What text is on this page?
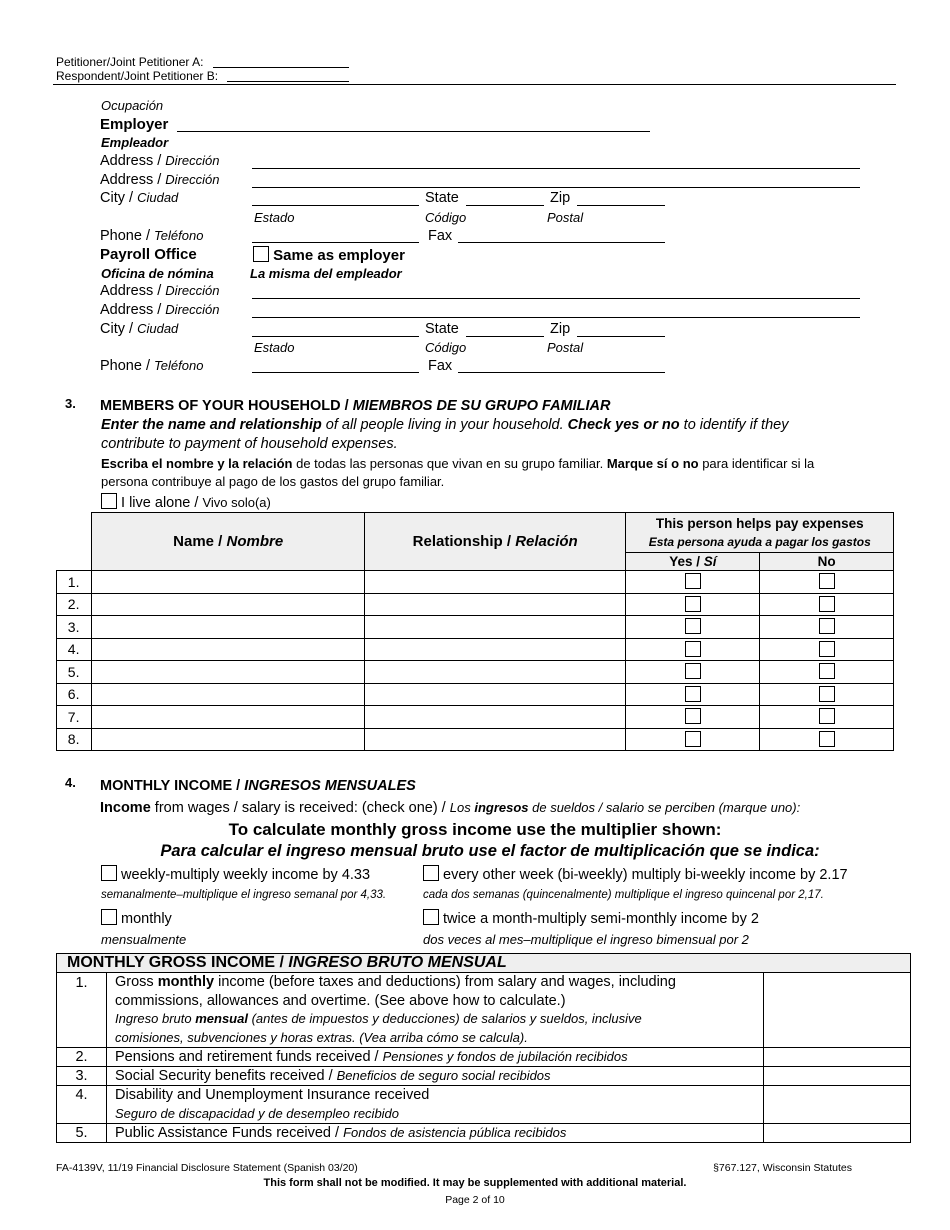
Petitioner/Joint Petitioner A:
Respondent/Joint Petitioner B:
Ocupación
Employer
Empleador
Address / Dirección
Address / Dirección
City / Ciudad	State	Zip
Estado	Código	Postal
Phone / Teléfono	Fax
Payroll Office	Same as employer
Oficina de nómina	La misma del empleador
Address / Dirección
Address / Dirección
City / Ciudad	State	Zip
Estado	Código	Postal
Phone / Teléfono	Fax
3. MEMBERS OF YOUR HOUSEHOLD / MIEMBROS DE SU GRUPO FAMILIAR
Enter the name and relationship of all people living in your household. Check yes or no to identify if they
contribute to payment of household expenses.
Escriba el nombre y la relación de todas las personas que vivan en su grupo familiar. Marque sí o no para identificar si la
persona contribuye al pago de los gastos del grupo familiar.
I live alone / Vivo solo(a)
	Name / Nombre	Relationship / Relación	This person helps pay expenses	
			Esta persona ayuda a pagar los gastos	
			Yes / Sí	No
1.				
2.				
3.				
4.				
5.				
6.				
7.				
8.				
4. MONTHLY INCOME / INGRESOS MENSUALES
Income from wages / salary is received: (check one) / Los ingresos de sueldos / salario se perciben (marque uno):
To calculate monthly gross income use the multiplier shown:
Para calcular el ingreso mensual bruto use el factor de multiplicación que se indica:
weekly-multiply weekly income by 4.33
semanalmente–multiplique el ingreso semanal por 4,33.
every other week (bi-weekly) multiply bi-weekly income by 2.17
cada dos semanas (quincenalmente) multiplique el ingreso quincenal por 2,17.
monthly
mensualmente
twice a month-multiply semi-monthly income by 2
dos veces al mes–multiplique el ingreso bimensual por 2
MONTHLY GROSS INCOME / INGRESO BRUTO MENSUAL		
1.	Gross monthly income (before taxes and deductions) from salary and wages, including
commissions, allowances and overtime. (See above how to calculate.)
Ingreso bruto mensual (antes de impuestos y deducciones) de salarios y sueldos, inclusive
comisiones, subvenciones y horas extras. (Vea arriba cómo se calcula).	

2.	Pensions and retirement funds received / Pensiones y fondos de jubilación recibidos	
3.	Social Security benefits received / Beneficios de seguro social recibidos	
4.	Disability and Unemployment Insurance received
Seguro de discapacidad y de desempleo recibido	

5.	Public Assistance Funds received / Fondos de asistencia pública recibidos	
FA-4139V, 11/19 Financial Disclosure Statement (Spanish 03/20)	§767.127, Wisconsin Statutes
This form shall not be modified. It may be supplemented with additional material.
Page 2 of 10
